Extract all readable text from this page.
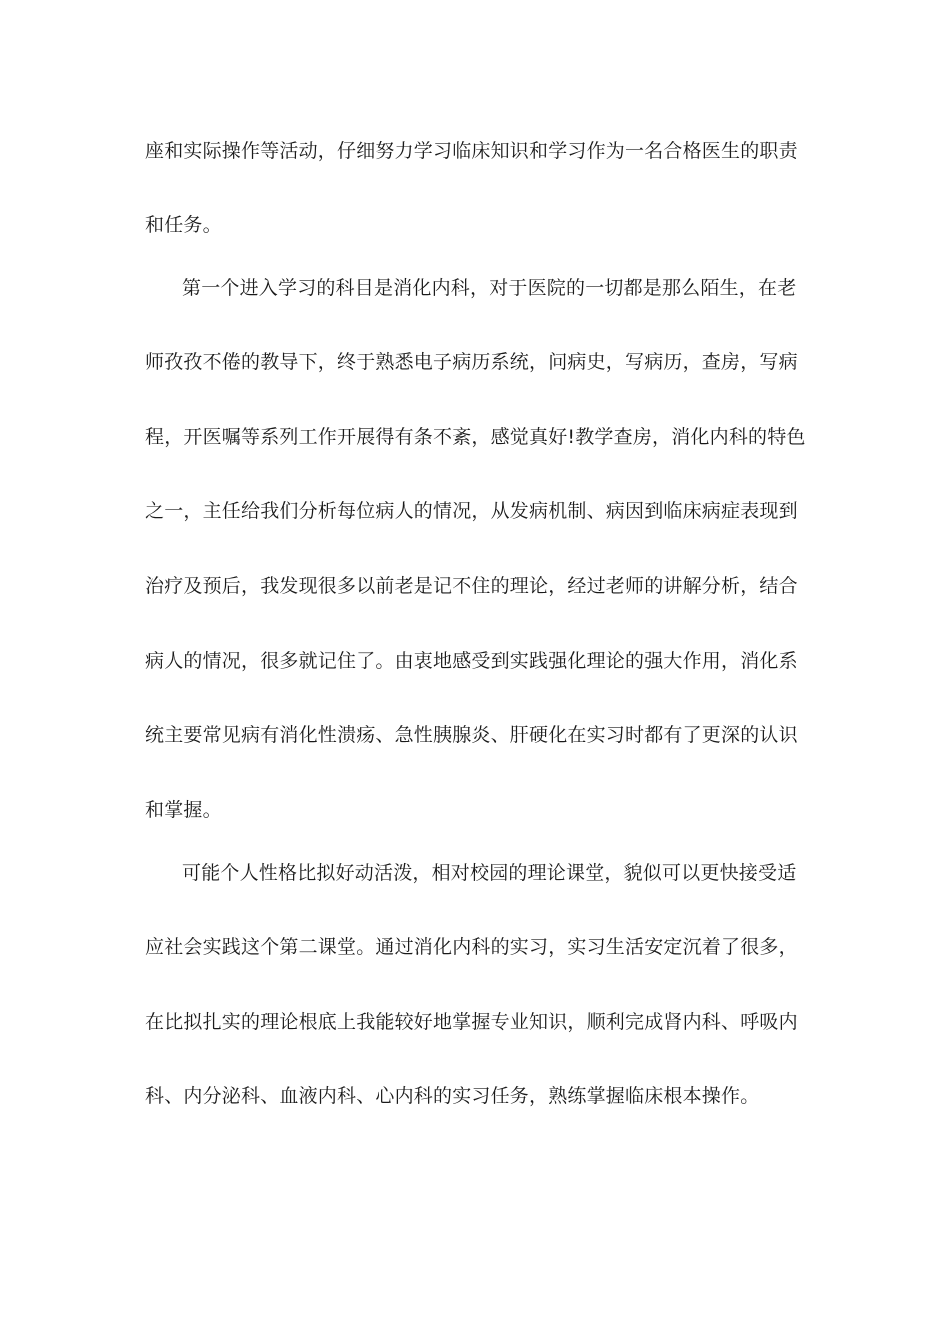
座和实际操作等活动，仔细努力学习临床知识和学习作为一名合格医生的职责
和任务。
第一个进入学习的科目是消化内科，对于医院的一切都是那么陌生，在老
师孜孜不倦的教导下，终于熟悉电子病历系统，问病史，写病历，查房，写病
程，开医嘱等系列工作开展得有条不紊，感觉真好!教学查房，消化内科的特色
之一，主任给我们分析每位病人的情况，从发病机制、病因到临床病症表现到
治疗及预后，我发现很多以前老是记不住的理论，经过老师的讲解分析，结合
病人的情况，很多就记住了。由衷地感受到实践强化理论的强大作用，消化系
统主要常见病有消化性溃疡、急性胰腺炎、肝硬化在实习时都有了更深的认识
和掌握。
可能个人性格比拟好动活泼，相对校园的理论课堂，貌似可以更快接受适
应社会实践这个第二课堂。通过消化内科的实习，实习生活安定沉着了很多，
在比拟扎实的理论根底上我能较好地掌握专业知识，顺利完成肾内科、呼吸内
科、内分泌科、血液内科、心内科的实习任务，熟练掌握临床根本操作。
